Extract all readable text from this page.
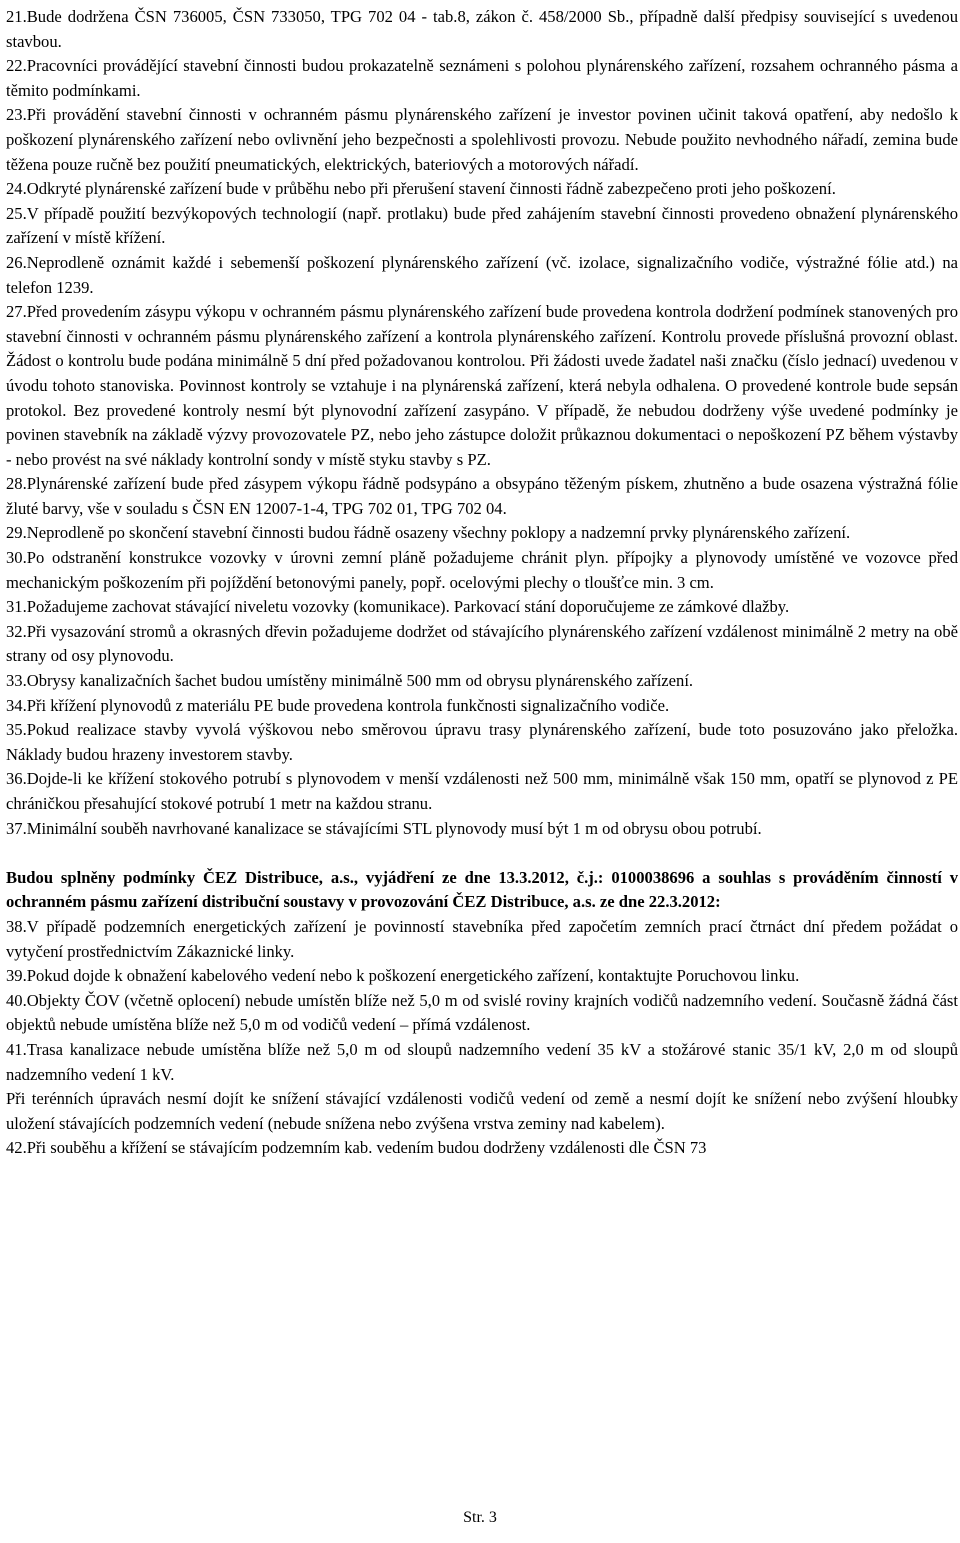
21.Bude dodržena ČSN 736005, ČSN 733050, TPG 702 04 - tab.8, zákon č. 458/2000 Sb., případně další předpisy související s uvedenou stavbou.

22.Pracovníci provádějící stavební činnosti budou prokazatelně seznámeni s polohou plynárenského zařízení, rozsahem ochranného pásma a těmito podmínkami.

23.Při provádění stavební činnosti v ochranném pásmu plynárenského zařízení je investor povinen učinit taková opatření, aby nedošlo k poškození plynárenského zařízení nebo ovlivnění jeho bezpečnosti a spolehlivosti provozu. Nebude použito nevhodného nářadí, zemina bude těžena pouze ručně bez použití pneumatických, elektrických, bateriových a motorových nářadí.

24.Odkryté plynárenské zařízení bude v průběhu nebo při přerušení stavení činnosti řádně zabezpečeno proti jeho poškození.

25.V případě použití bezvýkopových technologií (např. protlaku) bude před zahájením stavební činnosti provedeno obnažení plynárenského zařízení v místě křížení.

26.Neprodleně oznámit každé i sebemenší poškození plynárenského zařízení (vč. izolace, signalizačního vodiče, výstražné fólie atd.) na telefon 1239.

27.Před provedením zásypu výkopu v ochranném pásmu plynárenského zařízení bude provedena kontrola dodržení podmínek stanovených pro stavební činnosti v ochranném pásmu plynárenského zařízení a kontrola plynárenského zařízení. Kontrolu provede příslušná provozní oblast. Žádost o kontrolu bude podána minimálně 5 dní před požadovanou kontrolou. Při žádosti uvede žadatel naši značku (číslo jednací) uvedenou v úvodu tohoto stanoviska. Povinnost kontroly se vztahuje i na plynárenská zařízení, která nebyla odhalena. O provedené kontrole bude sepsán protokol. Bez provedené kontroly nesmí být plynovodní zařízení zasypáno. V případě, že nebudou dodrženy výše uvedené podmínky je povinen stavebník na základě výzvy provozovatele PZ, nebo jeho zástupce doložit průkaznou dokumentaci o nepoškození PZ během výstavby - nebo provést na své náklady kontrolní sondy v místě styku stavby s PZ.

28.Plynárenské zařízení bude před zásypem výkopu řádně podsypáno a obsypáno těženým pískem, zhutněno a bude osazena výstražná fólie žluté barvy, vše v souladu s ČSN EN 12007-1-4, TPG 702 01, TPG 702 04.

29.Neprodleně po skončení stavební činnosti budou řádně osazeny všechny poklopy a nadzemní prvky plynárenského zařízení.

30.Po odstranění konstrukce vozovky v úrovni zemní pláně požadujeme chránit plyn. přípojky a plynovody umístěné ve vozovce před mechanickým poškozením při pojíždění betonovými panely, popř. ocelovými plechy o tloušťce min. 3 cm.

31.Požadujeme zachovat stávající niveletu vozovky (komunikace). Parkovací stání doporučujeme ze zámkové dlažby.

32.Při vysazování stromů a okrasných dřevin požadujeme dodržet od stávajícího plynárenského zařízení vzdálenost minimálně 2 metry na obě strany od osy plynovodu.

33.Obrysy kanalizačních šachet budou umístěny minimálně 500 mm od obrysu plynárenského zařízení.

34.Při křížení plynovodů z materiálu PE bude provedena kontrola funkčnosti signalizačního vodiče.

35.Pokud realizace stavby vyvolá výškovou nebo směrovou úpravu trasy plynárenského zařízení, bude toto posuzováno jako přeložka. Náklady budou hrazeny investorem stavby.

36.Dojde-li ke křížení stokového potrubí s plynovodem v menší vzdálenosti než 500 mm, minimálně však 150 mm, opatří se plynovod z PE chráničkou přesahující stokové potrubí 1 metr na každou stranu.

37.Minimální souběh navrhované kanalizace se stávajícími STL plynovody musí být 1 m od obrysu obou potrubí.

Budou splněny podmínky ČEZ Distribuce, a.s., vyjádření ze dne 13.3.2012, č.j.: 0100038696 a souhlas s prováděním činností v ochranném pásmu zařízení distribuční soustavy v provozování ČEZ Distribuce, a.s. ze dne 22.3.2012:

38.V případě podzemních energetických zařízení je povinností stavebníka před započetím zemních prací čtrnáct dní předem požádat o vytyčení prostřednictvím Zákaznické linky.

39.Pokud dojde k obnažení kabelového vedení nebo k poškození energetického zařízení, kontaktujte Poruchovou linku.

40.Objekty ČOV (včetně oplocení) nebude umístěn blíže než 5,0 m od svislé roviny krajních vodičů nadzemního vedení. Současně žádná část objektů nebude umístěna blíže než 5,0 m od vodičů vedení – přímá vzdálenost.

41.Trasa kanalizace nebude umístěna blíže než 5,0 m od sloupů nadzemního vedení 35 kV a stožárové stanic 35/1 kV, 2,0 m od sloupů nadzemního vedení 1 kV.

Při terénních úpravách nesmí dojít ke snížení stávající vzdálenosti vodičů vedení od země a nesmí dojít ke snížení nebo zvýšení hloubky uložení stávajících podzemních vedení (nebude snížena nebo zvýšena vrstva zeminy nad kabelem).

42.Při souběhu a křížení se stávajícím podzemním kab. vedením budou dodrženy vzdálenosti dle ČSN 73

Str. 3
